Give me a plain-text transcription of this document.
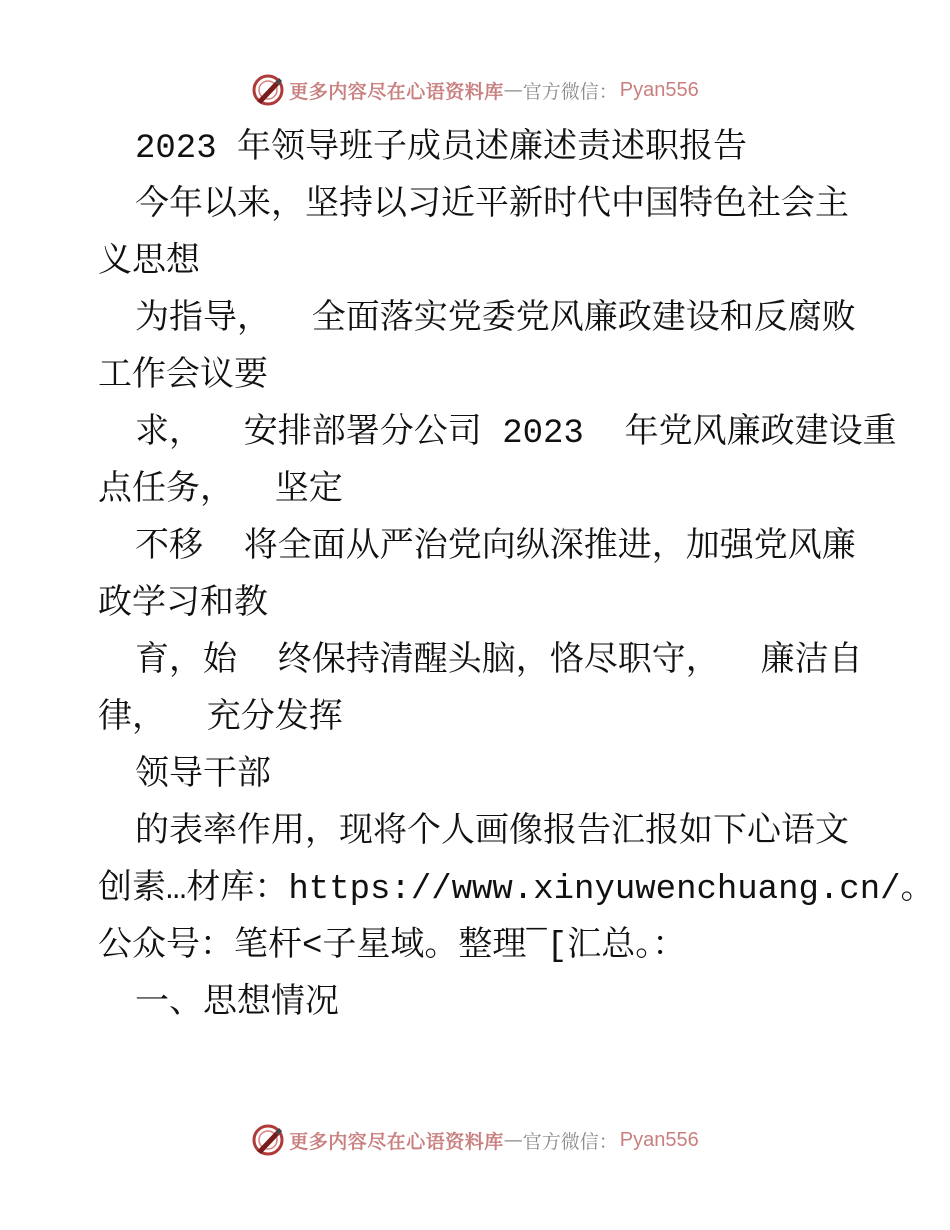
更多内容尽在心语资料库 — 官方微信： Pyan556
2023 年领导班子成员述廉述责述职报告
今年以来，坚持以习近平新时代中国特色社会主
义思想
为指导，  全面落实党委党风廉政建设和反腐败
工作会议要
求，  安排部署分公司 2023  年党风廉政建设重
点任务，  坚定
不移  将全面从严治党向纵深推进，加强党风廉
政学习和教
育，始  终保持清醒头脑，恪尽职守，  廉洁自
律，  充分发挥
领导干部
的表率作用，现将个人画像报告汇报如下心语文
创素…材库：https://www.xinyuwenchuang.cn/。
公众号：笔杆<子星域。整理¯[汇总。：
一、思想情况
更多内容尽在心语资料库 — 官方微信： Pyan556
